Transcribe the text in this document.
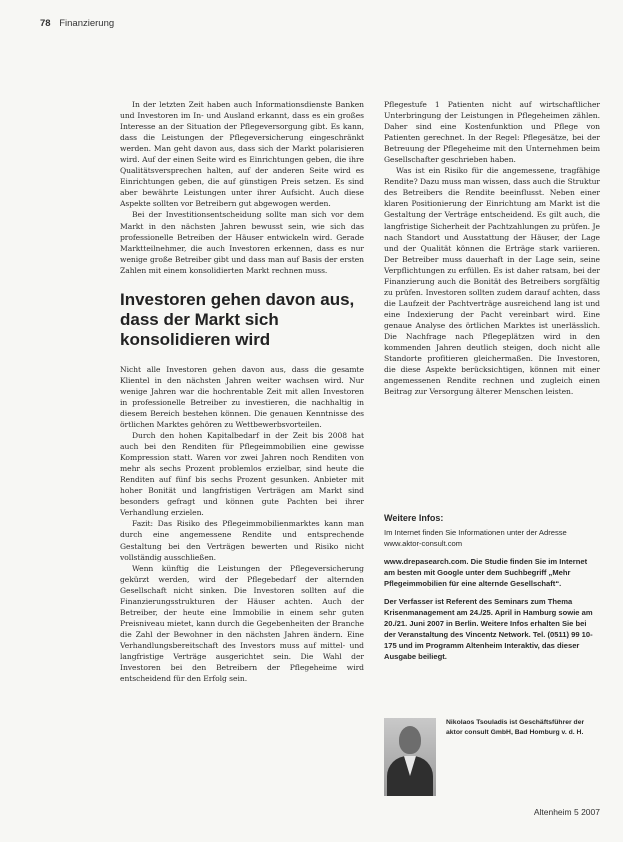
78 Finanzierung

In der letzten Zeit haben auch Informationsdienste Banken und Investoren im In- und Ausland erkannt, dass es ein großes Interesse an der Situation der Pflegeversorgung gibt. Es kann, dass die Leistungen der Pflegeversicherung eingeschränkt werden. Man geht davon aus, dass sich der Markt polarisieren wird. Auf der einen Seite wird es Einrichtungen geben, die ihre Qualitätsversprechen halten, auf der anderen Seite wird es Einrichtungen geben, die auf günstigen Preis setzen. Es sind aber bewährte Leistungen unter ihrer Aufsicht. Auch diese Aspekte sollten vor Betreibern gut abgewogen werden.

Bei der Investitionsentscheidung sollte man sich vor dem Markt in den nächsten Jahren bewusst sein, wie sich das professionelle Betreiben der Häuser entwickeln wird. Gerade Marktteilnehmer, die auch Investoren erkennen, dass es nur wenige große Betreiber gibt und dass man auf Basis der ersten Zahlen mit einem konsolidierten Markt rechnen muss.

Investoren gehen davon aus, dass der Markt sich konsolidieren wird

Nicht alle Investoren gehen davon aus, dass die gesamte Klientel in den nächsten Jahren weiter wachsen wird. Nur wenige Jahren war die hochrentable Zeit mit allen Investoren in professionelle Betreiber zu investieren, die nachhaltig in diesem Bereich bestehen können. Die genauen Kenntnisse des örtlichen Marktes gehören zu Wettbewerbsvorteilen.

Durch den hohen Kapitalbedarf in der Zeit bis 2008 hat auch bei den Renditen für Pflegeimmobilien eine gewisse Kompression statt. Waren vor zwei Jahren noch Renditen von mehr als sechs Prozent problemlos erzielbar, sind heute die Renditen auf fünf bis sechs Prozent gesunken. Anbieter mit hoher Bonität und langfristigen Verträgen am Markt sind besonders gefragt und können gute Pachten bei ihrer Verhandlung erzielen.

Fazit: Das Risiko des Pflegeimmobilienmarktes kann man durch eine angemessene Rendite und entsprechende Gestaltung bei den Verträgen bewerten und Risiko nicht vollständig ausschließen.

Wenn künftig die Leistungen der Pflegeversicherung gekürzt werden, wird der Pflegebedarf der alternden Gesellschaft nicht sinken. Die Investoren sollten auf die Finanzierungsstrukturen der Häuser achten. Auch der Betreiber, der heute eine Immobilie in einem sehr guten Preisniveau mietet, kann durch die Gegebenheiten der Branche die Zahl der Bewohner in den nächsten Jahren ändern. Eine Verhandlungsbereitschaft des Investors muss auf mittel- und langfristige Verträge ausgerichtet sein. Die Wahl der Investoren bei den Betreibern der Pflegeheime wird entscheidend für den Erfolg sein.

Pflegestufe 1 Patienten nicht auf wirtschaftlicher Unterbringung der Leistungen in Pflegeheimen zählen. Daher sind eine Kostenfunktion und Pflege von Patienten gerechnet. In der Regel: Pflegesätze, bei der Betreuung der Pflegeheime mit den Unternehmen beim Gesellschafter geschrieben haben.

Was ist ein Risiko für die angemessene, tragfähige Rendite? Dazu muss man wissen, dass auch die Struktur des Betreibers die Rendite beeinflusst. Neben einer klaren Positionierung der Einrichtung am Markt ist die Gestaltung der Verträge entscheidend. Es gilt auch, die langfristige Sicherheit der Pachtzahlungen zu prüfen. Je nach Standort und Ausstattung der Häuser, der Lage und der Qualität können die Erträge stark variieren. Der Betreiber muss dauerhaft in der Lage sein, seine Verpflichtungen zu erfüllen. Es ist daher ratsam, bei der Finanzierung auch die Bonität des Betreibers sorgfältig zu prüfen. Investoren sollten zudem darauf achten, dass die Laufzeit der Pachtverträge ausreichend lang ist und eine Indexierung der Pacht vereinbart wird. Eine genaue Analyse des örtlichen Marktes ist unerlässlich. Die Nachfrage nach Pflegeplätzen wird in den kommenden Jahren deutlich steigen, doch nicht alle Standorte profitieren gleichermaßen. Die Investoren, die diese Aspekte berücksichtigen, können mit einer angemessenen Rendite rechnen und zugleich einen Beitrag zur Versorgung älterer Menschen leisten.

Weitere Infos:

Im Internet finden Sie Informationen unter der Adresse www.aktor-consult.com

www.drepasearch.com. Die Studie finden Sie im Internet am besten mit Google unter dem Suchbegriff „Mehr Pflegeimmobilien für eine alternde Gesellschaft“.

Der Verfasser ist Referent des Seminars zum Thema Krisenmanagement am 24./25. April in Hamburg sowie am 20./21. Juni 2007 in Berlin. Weitere Infos erhalten Sie bei der Veranstaltung des Vincentz Network. Tel. (0511) 99 10-175 und im Programm Altenheim Interaktiv, das dieser Ausgabe beiliegt.

Nikolaos Tsouladis ist Geschäftsführer der aktor consult GmbH, Bad Homburg v. d. H.
Altenheim 5 2007
